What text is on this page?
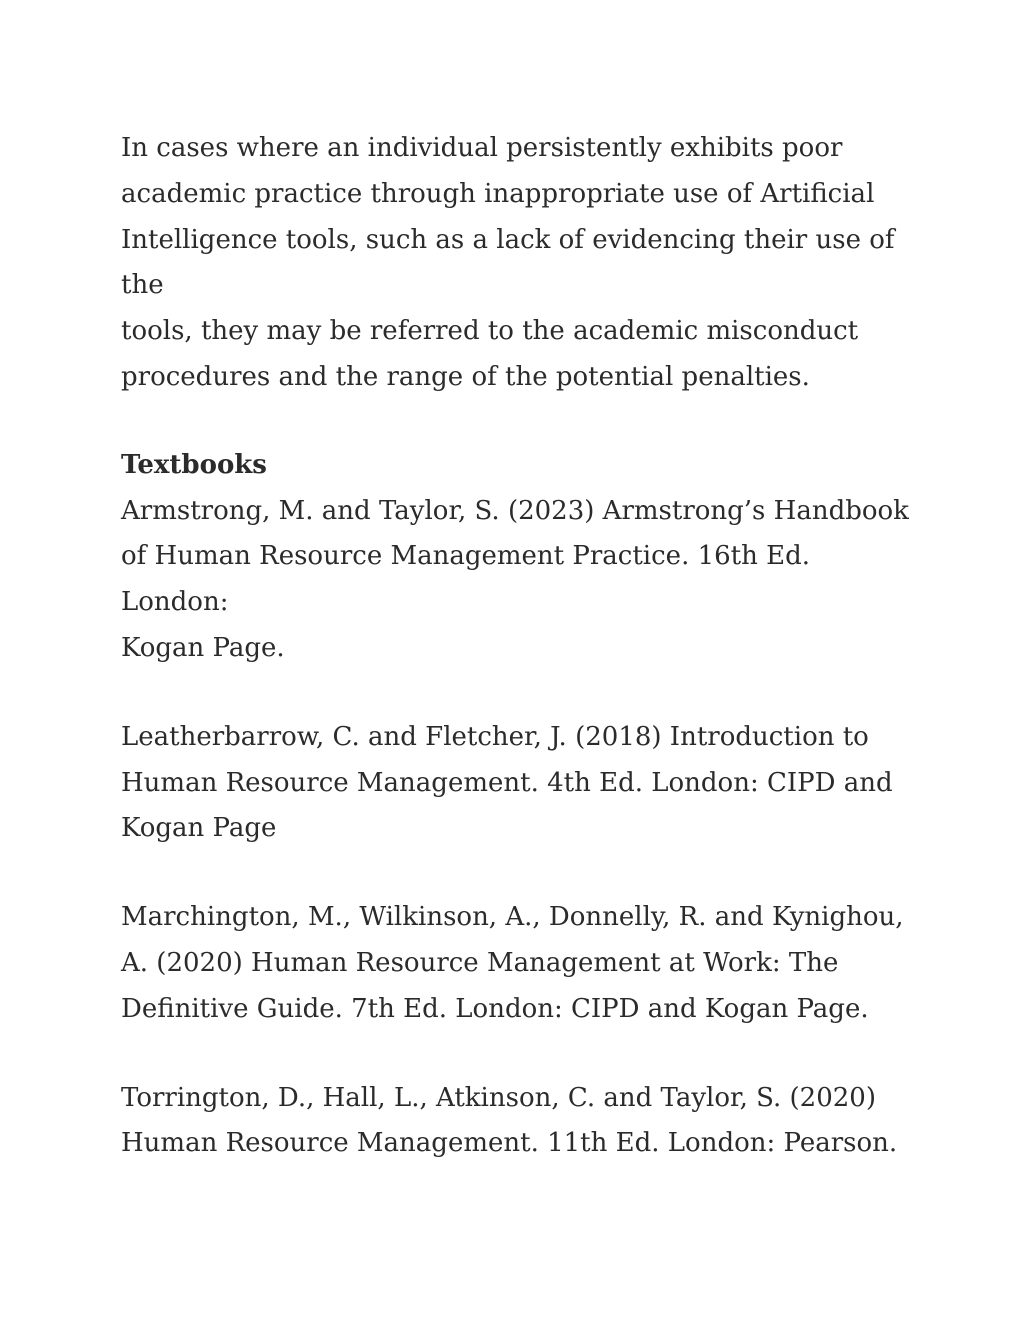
In cases where an individual persistently exhibits poor
academic practice through inappropriate use of Artificial
Intelligence tools, such as a lack of evidencing their use of the
tools, they may be referred to the academic misconduct
procedures and the range of the potential penalties.

Textbooks

Armstrong, M. and Taylor, S. (2023) Armstrong’s Handbook
of Human Resource Management Practice. 16th Ed. London:
Kogan Page.

Leatherbarrow, C. and Fletcher, J. (2018) Introduction to
Human Resource Management. 4th Ed. London: CIPD and
Kogan Page

Marchington, M., Wilkinson, A., Donnelly, R. and Kynighou,
A. (2020) Human Resource Management at Work: The
Definitive Guide. 7th Ed. London: CIPD and Kogan Page.

Torrington, D., Hall, L., Atkinson, C. and Taylor, S. (2020)
Human Resource Management. 11th Ed. London: Pearson.
